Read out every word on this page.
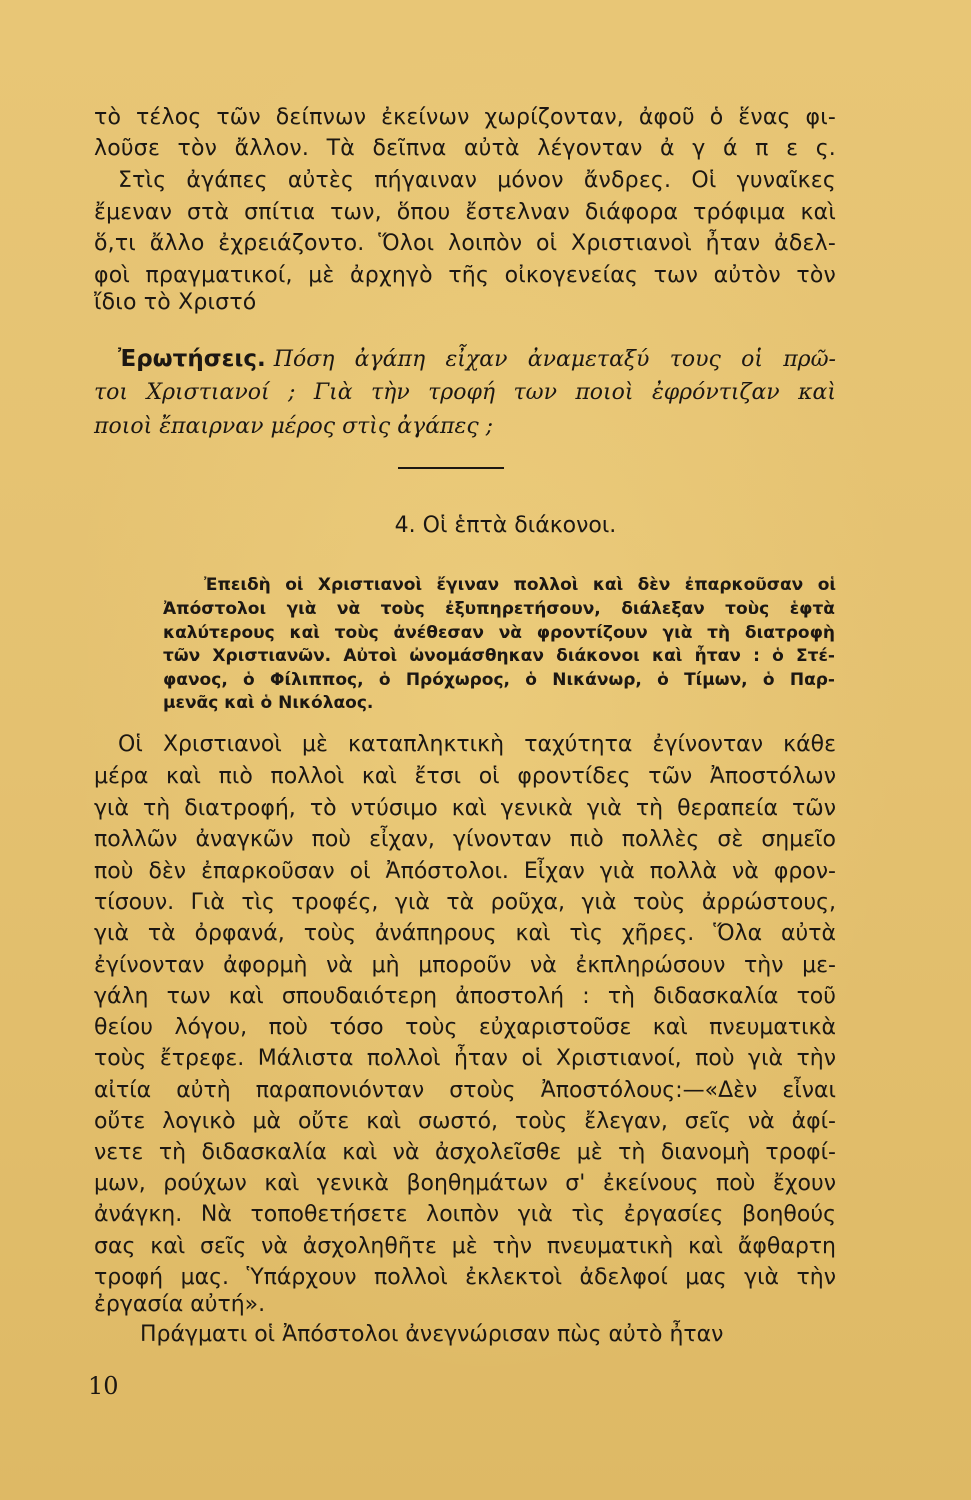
τὸ τέλος τῶν δείπνων ἐκείνων χωρίζονταν, ἀφοῦ ὁ ἕνας φι-
λοῦσε τὸν ἄλλον. Τὰ δεῖπνα αὐτὰ λέγονταν ἀ γ ά π ε ς.
Στὶς ἀγάπες αὐτὲς πήγαιναν μόνον ἄνδρες. Οἱ γυναῖκες
ἔμεναν στὰ σπίτια των, ὅπου ἔστελναν διάφορα τρόφιμα καὶ
ὅ,τι ἄλλο ἐχρειάζοντο. Ὅλοι λοιπὸν οἱ Χριστιανοὶ ἦταν ἀδελ-
φοὶ πραγματικοί, μὲ ἀρχηγὸ τῆς οἰκογενείας των αὐτὸν τὸν
ἴδιο τὸ Χριστό
Ἐρωτήσεις. Πόση ἀγάπη εἶχαν ἀναμεταξύ τους οἱ πρῶ-
τοι Χριστιανοί ; Γιὰ τὴν τροφή των ποιοὶ ἐφρόντιζαν καὶ
ποιοὶ ἔπαιρναν μέρος στὶς ἀγάπες ;
4. Οἱ ἑπτὰ διάκονοι.
Ἐπειδὴ οἱ Χριστιανοὶ ἔγιναν πολλοὶ καὶ δὲν ἐπαρκοῦσαν οἱ
Ἀπόστολοι γιὰ νὰ τοὺς ἐξυπηρετήσουν, διάλεξαν τοὺς ἑφτὰ
καλύτερους καὶ τοὺς ἀνέθεσαν νὰ φροντίζουν γιὰ τὴ διατροφὴ
τῶν Χριστιανῶν. Αὐτοὶ ὠνομάσθηκαν διάκονοι καὶ ἦταν : ὁ Στέ-
φανος, ὁ Φίλιππος, ὁ Πρόχωρος, ὁ Νικάνωρ, ὁ Τίμων, ὁ Παρ-
μενᾶς καὶ ὁ Νικόλαος.
Οἱ Χριστιανοὶ μὲ καταπληκτικὴ ταχύτητα ἐγίνονταν κάθε
μέρα καὶ πιὸ πολλοὶ καὶ ἔτσι οἱ φροντίδες τῶν Ἀποστόλων
γιὰ τὴ διατροφή, τὸ ντύσιμο καὶ γενικὰ γιὰ τὴ θεραπεία τῶν
πολλῶν ἀναγκῶν ποὺ εἶχαν, γίνονταν πιὸ πολλὲς σὲ σημεῖο
ποὺ δὲν ἐπαρκοῦσαν οἱ Ἀπόστολοι. Εἶχαν γιὰ πολλὰ νὰ φρον-
τίσουν. Γιὰ τὶς τροφές, γιὰ τὰ ροῦχα, γιὰ τοὺς ἀρρώστους,
γιὰ τὰ ὀρφανά, τοὺς ἀνάπηρους καὶ τὶς χῆρες. Ὅλα αὐτὰ
ἐγίνονταν ἀφορμὴ νὰ μὴ μποροῦν νὰ ἐκπληρώσουν τὴν με-
γάλη των καὶ σπουδαιότερη ἀποστολή : τὴ διδασκαλία τοῦ
θείου λόγου, ποὺ τόσο τοὺς εὐχαριστοῦσε καὶ πνευματικὰ
τοὺς ἔτρεφε. Μάλιστα πολλοὶ ἦταν οἱ Χριστιανοί, ποὺ γιὰ τὴν
αἰτία αὐτὴ παραπονιόνταν στοὺς Ἀποστόλους:—«Δὲν εἶναι
οὔτε λογικὸ μὰ οὔτε καὶ σωστό, τοὺς ἔλεγαν, σεῖς νὰ ἀφί-
νετε τὴ διδασκαλία καὶ νὰ ἀσχολεῖσθε μὲ τὴ διανομὴ τροφί-
μων, ρούχων καὶ γενικὰ βοηθημάτων σ' ἐκείνους ποὺ ἔχουν
ἀνάγκη. Νὰ τοποθετήσετε λοιπὸν γιὰ τὶς ἐργασίες βοηθούς
σας καὶ σεῖς νὰ ἀσχοληθῆτε μὲ τὴν πνευματικὴ καὶ ἄφθαρτη
τροφή μας. Ὑπάρχουν πολλοὶ ἐκλεκτοὶ ἀδελφοί μας γιὰ τὴν
ἐργασία αὐτή».
Πράγματι οἱ Ἀπόστολοι ἀνεγνώρισαν πὼς αὐτὸ ἦταν
10
